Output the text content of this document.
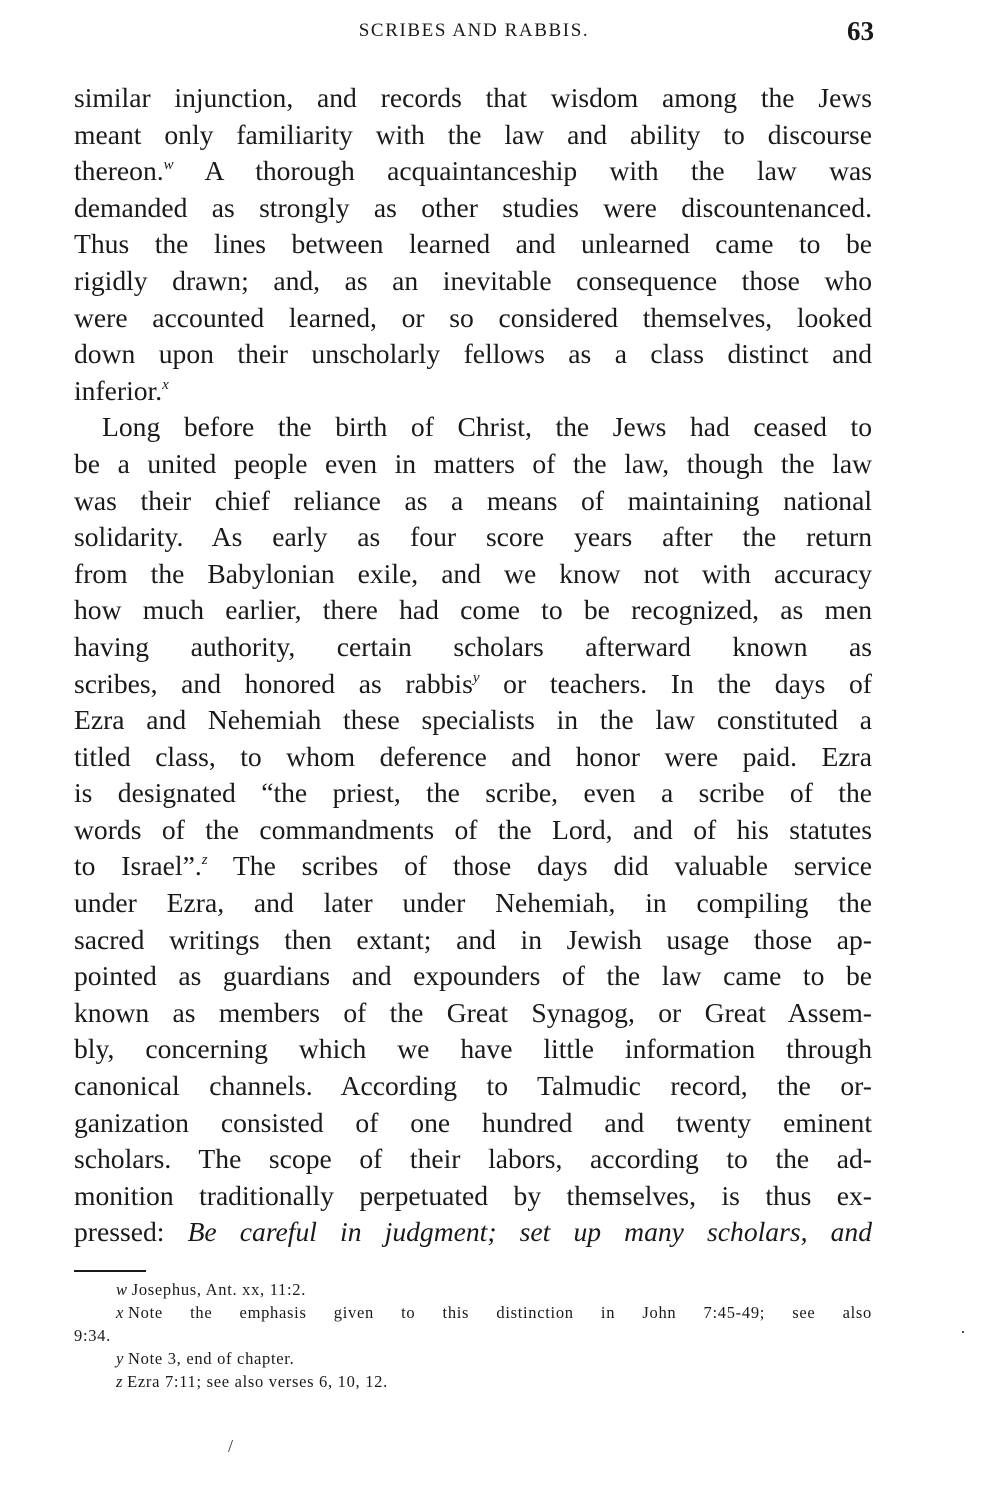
SCRIBES AND RABBIS.	63
similar injunction, and records that wisdom among the Jews
meant only familiarity with the law and ability to discourse
thereon.$^w$ A thorough acquaintanceship with the law was
demanded as strongly as other studies were discountenanced.
Thus the lines between learned and unlearned came to be
rigidly drawn; and, as an inevitable consequence those who
were accounted learned, or so considered themselves, looked
down upon their unscholarly fellows as a class distinct and
inferior.$^x$
Long before the birth of Christ, the Jews had ceased to
be a united people even in matters of the law, though the law
was their chief reliance as a means of maintaining national
solidarity. As early as four score years after the return
from the Babylonian exile, and we know not with accuracy
how much earlier, there had come to be recognized, as men
having authority, certain scholars afterward known as
scribes, and honored as rabbis$^y$ or teachers. In the days of
Ezra and Nehemiah these specialists in the law constituted a
titled class, to whom deference and honor were paid. Ezra
is designated “the priest, the scribe, even a scribe of the
words of the commandments of the Lord, and of his statutes
to Israel”.$^z$ The scribes of those days did valuable service
under Ezra, and later under Nehemiah, in compiling the
sacred writings then extant; and in Jewish usage those ap-
pointed as guardians and expounders of the law came to be
known as members of the Great Synagog, or Great Assem-
bly, concerning which we have little information through
canonical channels. According to Talmudic record, the or-
ganization consisted of one hundred and twenty eminent
scholars. The scope of their labors, according to the ad-
monition traditionally perpetuated by themselves, is thus ex-
pressed: Be careful in judgment; set up many scholars, and
w Josephus, Ant. xx, 11:2.
x Note the emphasis given to this distinction in John 7:45-49; see also
9:34.
y Note 3, end of chapter.
z Ezra 7:11; see also verses 6, 10, 12.
/
·
